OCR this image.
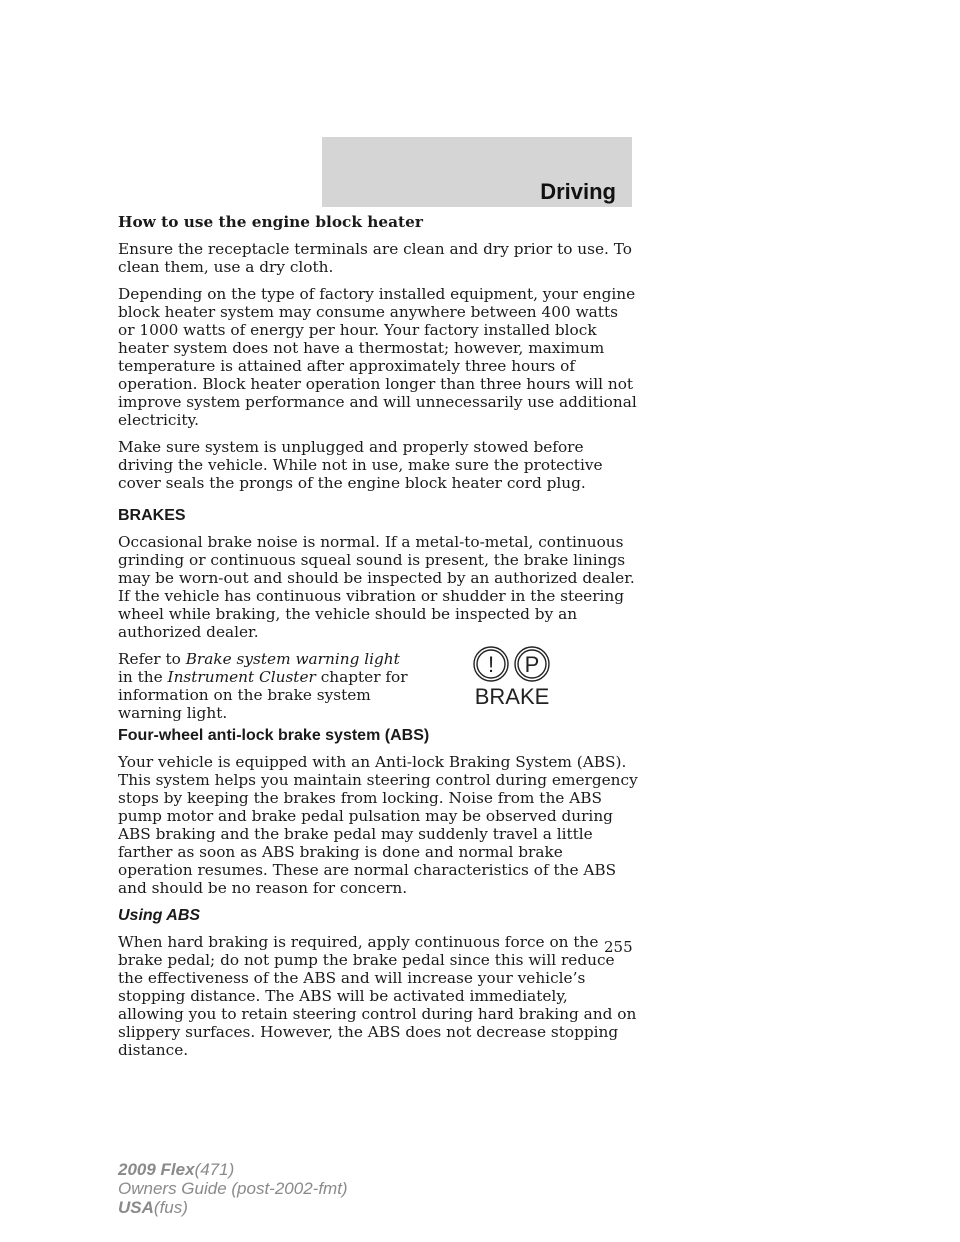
Driving
How to use the engine block heater

Ensure the receptacle terminals are clean and dry prior to use. To clean them, use a dry cloth.

Depending on the type of factory installed equipment, your engine block heater system may consume anywhere between 400 watts or 1000 watts of energy per hour. Your factory installed block heater system does not have a thermostat; however, maximum temperature is attained after approximately three hours of operation. Block heater operation longer than three hours will not improve system performance and will unnecessarily use additional electricity.

Make sure system is unplugged and properly stowed before driving the vehicle. While not in use, make sure the protective cover seals the prongs of the engine block heater cord plug.

BRAKES

Occasional brake noise is normal. If a metal-to-metal, continuous grinding or continuous squeal sound is present, the brake linings may be worn-out and should be inspected by an authorized dealer. If the vehicle has continuous vibration or shudder in the steering wheel while braking, the vehicle should be inspected by an authorized dealer.

Refer to Brake system warning light in the Instrument Cluster chapter for information on the brake system warning light.
! P
BRAKE
Four-wheel anti-lock brake system (ABS)

Your vehicle is equipped with an Anti-lock Braking System (ABS). This system helps you maintain steering control during emergency stops by keeping the brakes from locking. Noise from the ABS pump motor and brake pedal pulsation may be observed during ABS braking and the brake pedal may suddenly travel a little farther as soon as ABS braking is done and normal brake operation resumes. These are normal characteristics of the ABS and should be no reason for concern.

Using ABS

When hard braking is required, apply continuous force on the brake pedal; do not pump the brake pedal since this will reduce the effectiveness of the ABS and will increase your vehicle’s stopping distance. The ABS will be activated immediately, allowing you to retain steering control during hard braking and on slippery surfaces. However, the ABS does not decrease stopping distance.

255
2009 Flex(471)
Owners Guide (post-2002-fmt)
USA(fus)
